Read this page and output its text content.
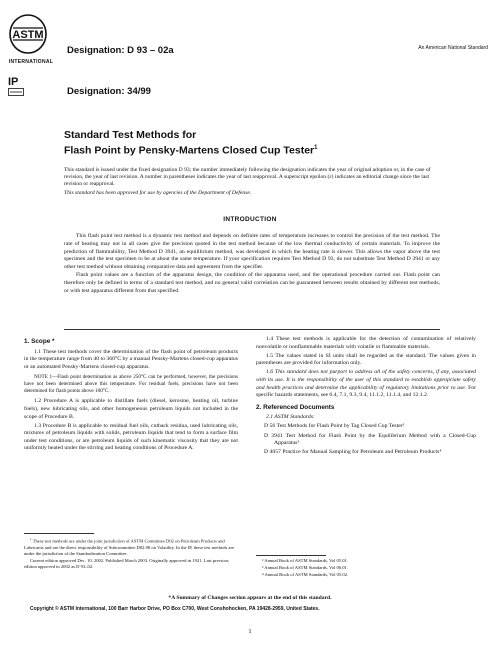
ASTM
INTERNATIONAL
Designation: D 93 – 02a	An American National Standard
IP
Designation: 34/99
Standard Test Methods for
Flash Point by Pensky-Martens Closed Cup Tester$^1$
This standard is issued under the fixed designation D 93; the number immediately following the designation indicates the year of original adoption or, in the case of revision, the year of last revision. A number in parentheses indicates the year of last reapproval. A superscript epsilon (ε) indicates an editorial change since the last revision or reapproval.
This standard has been approved for use by agencies of the Department of Defense.
INTRODUCTION

This flash point test method is a dynamic test method and depends on definite rates of temperature increases to control the precision of the test method. The rate of heating may not in all cases give the precision quoted in the test method because of the low thermal conductivity of certain materials. To improve the prediction of flammability, Test Method D 3941, an equilibrium method, was developed in which the heating rate is slower. This allows the vapor above the test specimen and the test specimen to be at about the same temperature. If your specification requires Test Method D 93, do not substitute Test Method D 3941 or any other test method without obtaining comparative data and agreement from the specifier.

Flash point values are a function of the apparatus design, the condition of the apparatus used, and the operational procedure carried out. Flash point can therefore only be defined in terms of a standard test method, and no general valid correlation can be guaranteed between results obtained by different test methods, or with test apparatus different from that specified.

1. Scope *

1.1 These test methods cover the determination of the flash point of petroleum products in the temperature range from 40 to 360°C by a manual Pensky-Martens closed-cup apparatus or an automated Pensky-Martens closed-cup apparatus.

NOTE 1—Flash point determination as above 250°C can be performed, however, the precisions have not been determined above this temperature. For residual fuels, precisions have not been determined for flash points above 100°C.

1.2 Procedure A is applicable to distillate fuels (diesel, kerosine, heating oil, turbine fuels), new lubricating oils, and other homogeneous petroleum liquids not included in the scope of Procedure B.

1.3 Procedure B is applicable to residual fuel oils, cutback residua, used lubricating oils, mixtures of petroleum liquids with solids, petroleum liquids that tend to form a surface film under test conditions, or are petroleum liquids of such kinematic viscosity that they are not uniformly heated under the stirring and heating conditions of Procedure A.

$^1$ These test methods are under the joint jurisdiction of ASTM Committee D02 on Petroleum Products and Lubricants and are the direct responsibility of Subcommittee D02.08 on Volatility. In the IP, these test methods are under the jurisdiction of the Standardization Committee.

Current edition approved Dec. 10, 2002. Published March 2003. Originally approved in 1921. Last previous edition approved in 2002 as D 93–02.

1.4 These test methods is applicable for the detection of contamination of relatively nonvolatile or nonflammable materials with volatile or flammable materials.

1.5 The values stated in SI units shall be regarded as the standard. The values given in parentheses are provided for information only.

1.6 This standard does not purport to address all of the safety concerns, if any, associated with its use. It is the responsibility of the user of this standard to establish appropriate safety and health practices and determine the applicability of regulatory limitations prior to use. For specific hazards statements, see 6.4, 7.1, 9.3, 9.4, 11.1.2, 11.1.4, and 12.1.2.

2. Referenced Documents

2.1 ASTM Standards:

D 56 Test Methods for Flash Point by Tag Closed Cup Tester²

D 3941 Test Method for Flash Point by the Equilibrium Method with a Closed-Cup Apparatus³

D 4057 Practice for Manual Sampling for Petroleum and Petroleum Products⁴

² Annual Book of ASTM Standards, Vol 05.01.

³ Annual Book of ASTM Standards, Vol 06.01.

⁴ Annual Book of ASTM Standards, Vol 05.02.

*A Summary of Changes section appears at the end of this standard.
Copyright © ASTM International, 100 Barr Harbor Drive, PO Box C700, West Conshohocken, PA 19428-2959, United States.
1
